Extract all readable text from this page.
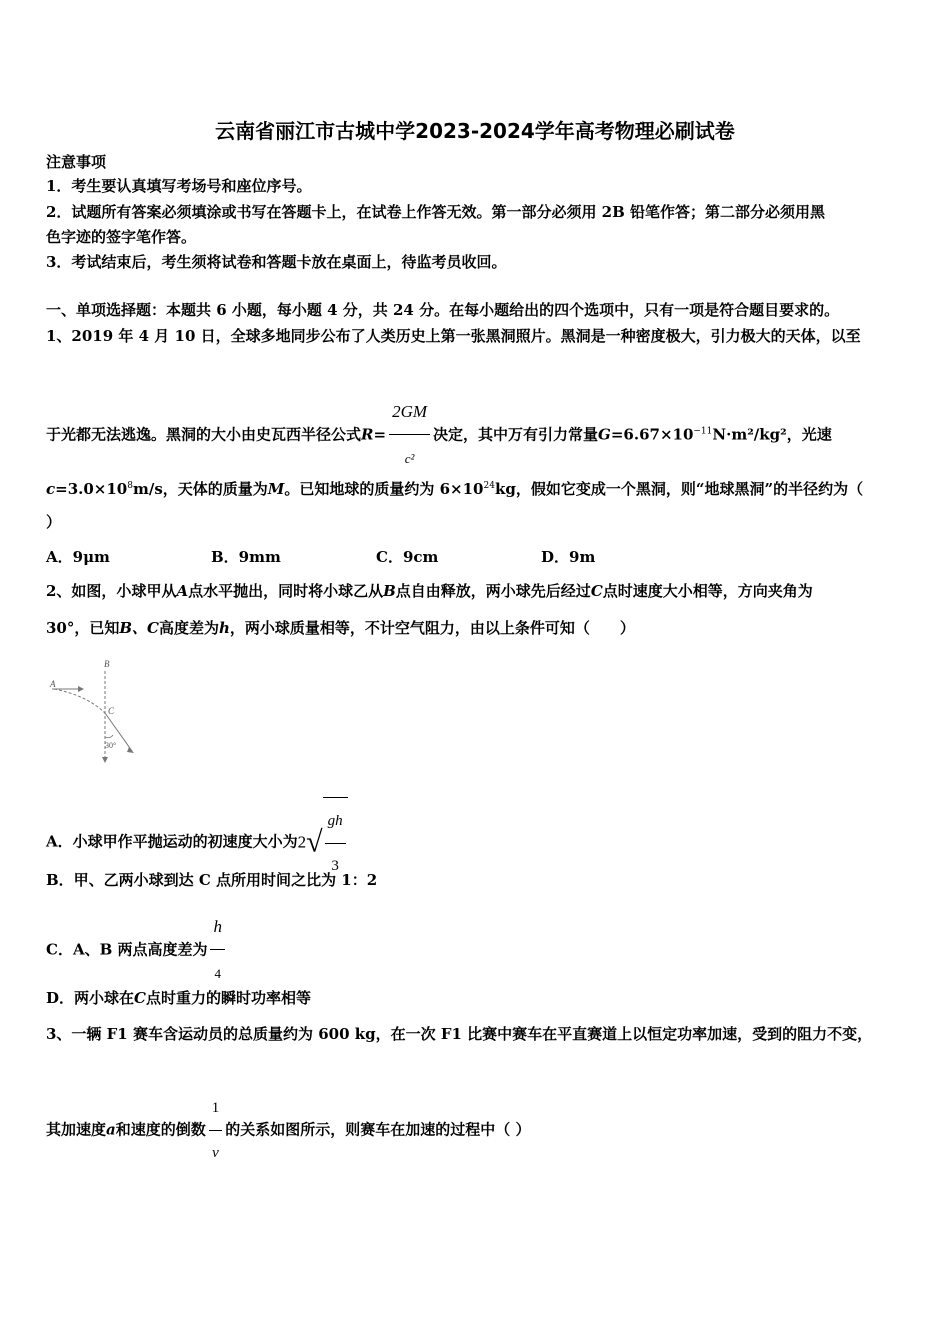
云南省丽江市古城中学2023-2024学年高考物理必刷试卷
注意事项
1．考生要认真填写考场号和座位序号。
2．试题所有答案必须填涂或书写在答题卡上，在试卷上作答无效。第一部分必须用 2B 铅笔作答；第二部分必须用黑
色字迹的签字笔作答。
3．考试结束后，考生须将试卷和答题卡放在桌面上，待监考员收回。
一、单项选择题：本题共 6 小题，每小题 4 分，共 24 分。在每小题给出的四个选项中，只有一项是符合题目要求的。
1、2019 年 4 月 10 日，全球多地同步公布了人类历史上第一张黑洞照片。黑洞是一种密度极大，引力极大的天体，以至
于光都无法逃逸。黑洞的大小由史瓦西半径公式$R= \frac{2GM}{\text{c²}}$ 决定，其中万有引力常量$G=6.67\times 10^{-11}N\cdot m^2$/kg²，光速
$c=3.0\times 10^8m/s$，天体的质量为M。已知地球的质量约为 $6\times 10^{24}kg$，假如它变成一个黑洞，则“地球黑洞”的半径约为（
）
A．9μm	B．9mm	C．9cm	D．9m
2、如图，小球甲从A点水平抛出，同时将小球乙从B点自由释放，两小球先后经过C点时速度大小相等，方向夹角为
30°，已知B、C高度差为h，两小球质量相等，不计空气阻力，由以上条件可知（　　）
A
B
C
30°
A．小球甲作平抛运动的初速度大小为$2√ \frac{gh}{3}$
B．甲、乙两小球到达 C 点所用时间之比为 1：2
C．A、B 两点高度差为 $\frac{h}{4}$
D．两小球在C点时重力的瞬时功率相等
3、一辆 F1 赛车含运动员的总质量约为 600 kg，在一次 F1 比赛中赛车在平直赛道上以恒定功率加速，受到的阻力不变，
其加速度a和速度的倒数 $\frac{1}{v}$ 的关系如图所示，则赛车在加速的过程中（ ）
